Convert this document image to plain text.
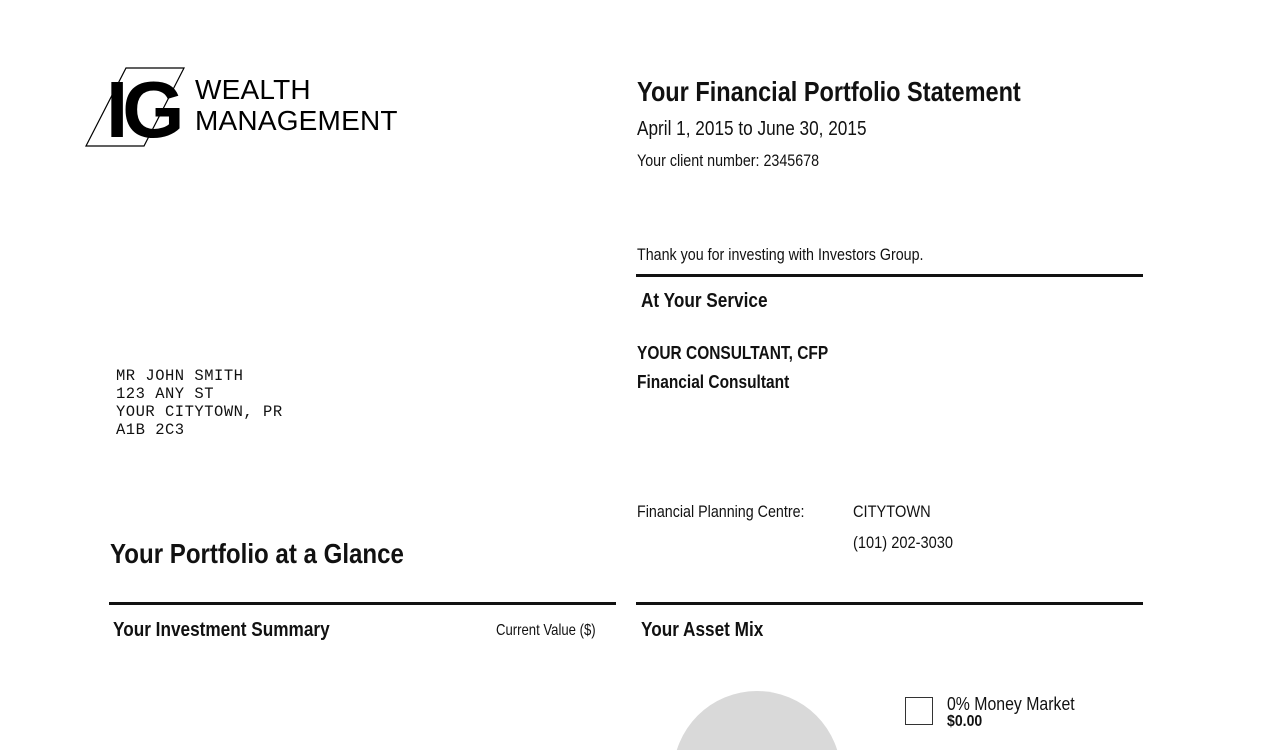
IG WEALTH
MANAGEMENT
Your Financial Portfolio Statement
April 1, 2015 to June 30, 2015
Your client number: 2345678
Thank you for investing with Investors Group.
At Your Service
YOUR CONSULTANT, CFP
Financial Consultant
Financial Planning Centre:	CITYTOWN
(101) 202-3030
MR JOHN SMITH
123 ANY ST
YOUR CITYTOWN, PR
A1B 2C3
Your Portfolio at a Glance
Your Investment Summary	Current Value ($)	Your Asset Mix
0% Money Market
$0.00
